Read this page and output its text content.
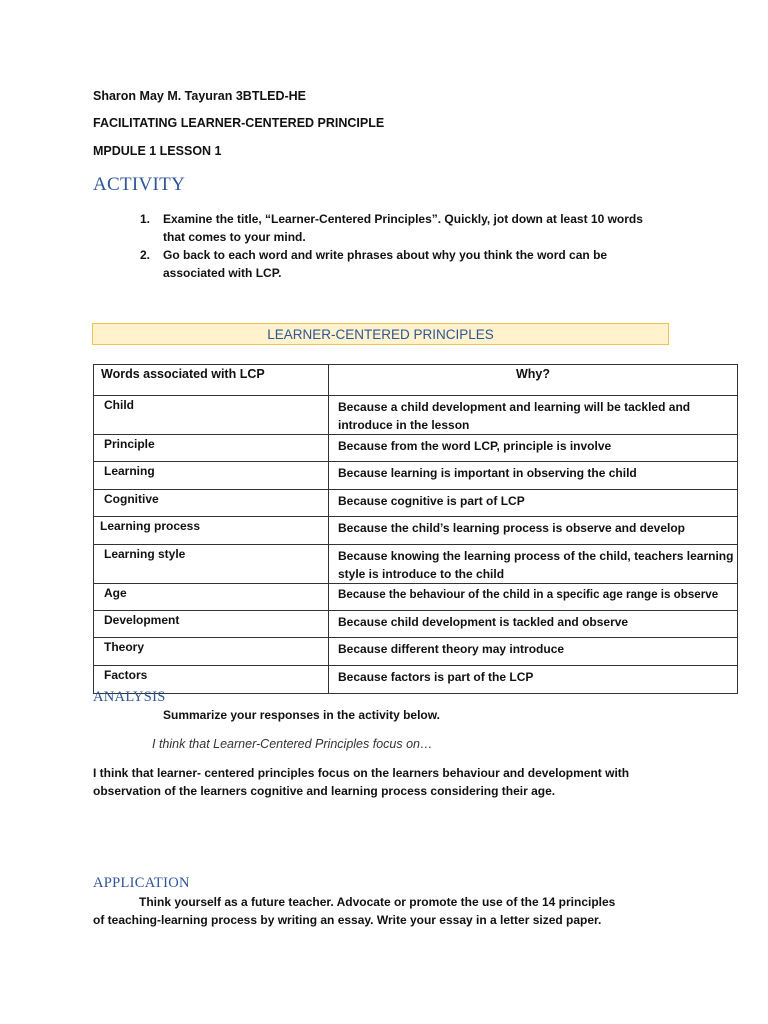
Sharon May M. Tayuran 3BTLED-HE
FACILITATING LEARNER-CENTERED PRINCIPLE
MPDULE 1 LESSON 1
ACTIVITY
1. Examine the title, “Learner-Centered Principles”. Quickly, jot down at least 10 words that comes to your mind.
2. Go back to each word and write phrases about why you think the word can be associated with LCP.
LEARNER-CENTERED PRINCIPLES
Words associated with LCP	Why?
Child	Because a child development and learning will be tackled and introduce in the lesson
Principle	Because from the word LCP, principle is involve
Learning	Because learning is important in observing the child
Cognitive	Because cognitive is part of LCP
Learning process	Because the child’s learning process is observe and develop
Learning style	Because knowing the learning process of the child, teachers learning style is introduce to the child
Age	Because the behaviour of the child in a specific age range is observe
Development	Because child development is tackled and observe
Theory	Because different theory may introduce
Factors	Because factors is part of the LCP
ANALYSIS
Summarize your responses in the activity below.
I think that Learner-Centered Principles focus on…
I think that learner- centered principles focus on the learners behaviour and development with observation of the learners cognitive and learning process considering their age.
APPLICATION
Think yourself as a future teacher. Advocate or promote the use of the 14 principles
of teaching-learning process by writing an essay. Write your essay in a letter sized paper.
